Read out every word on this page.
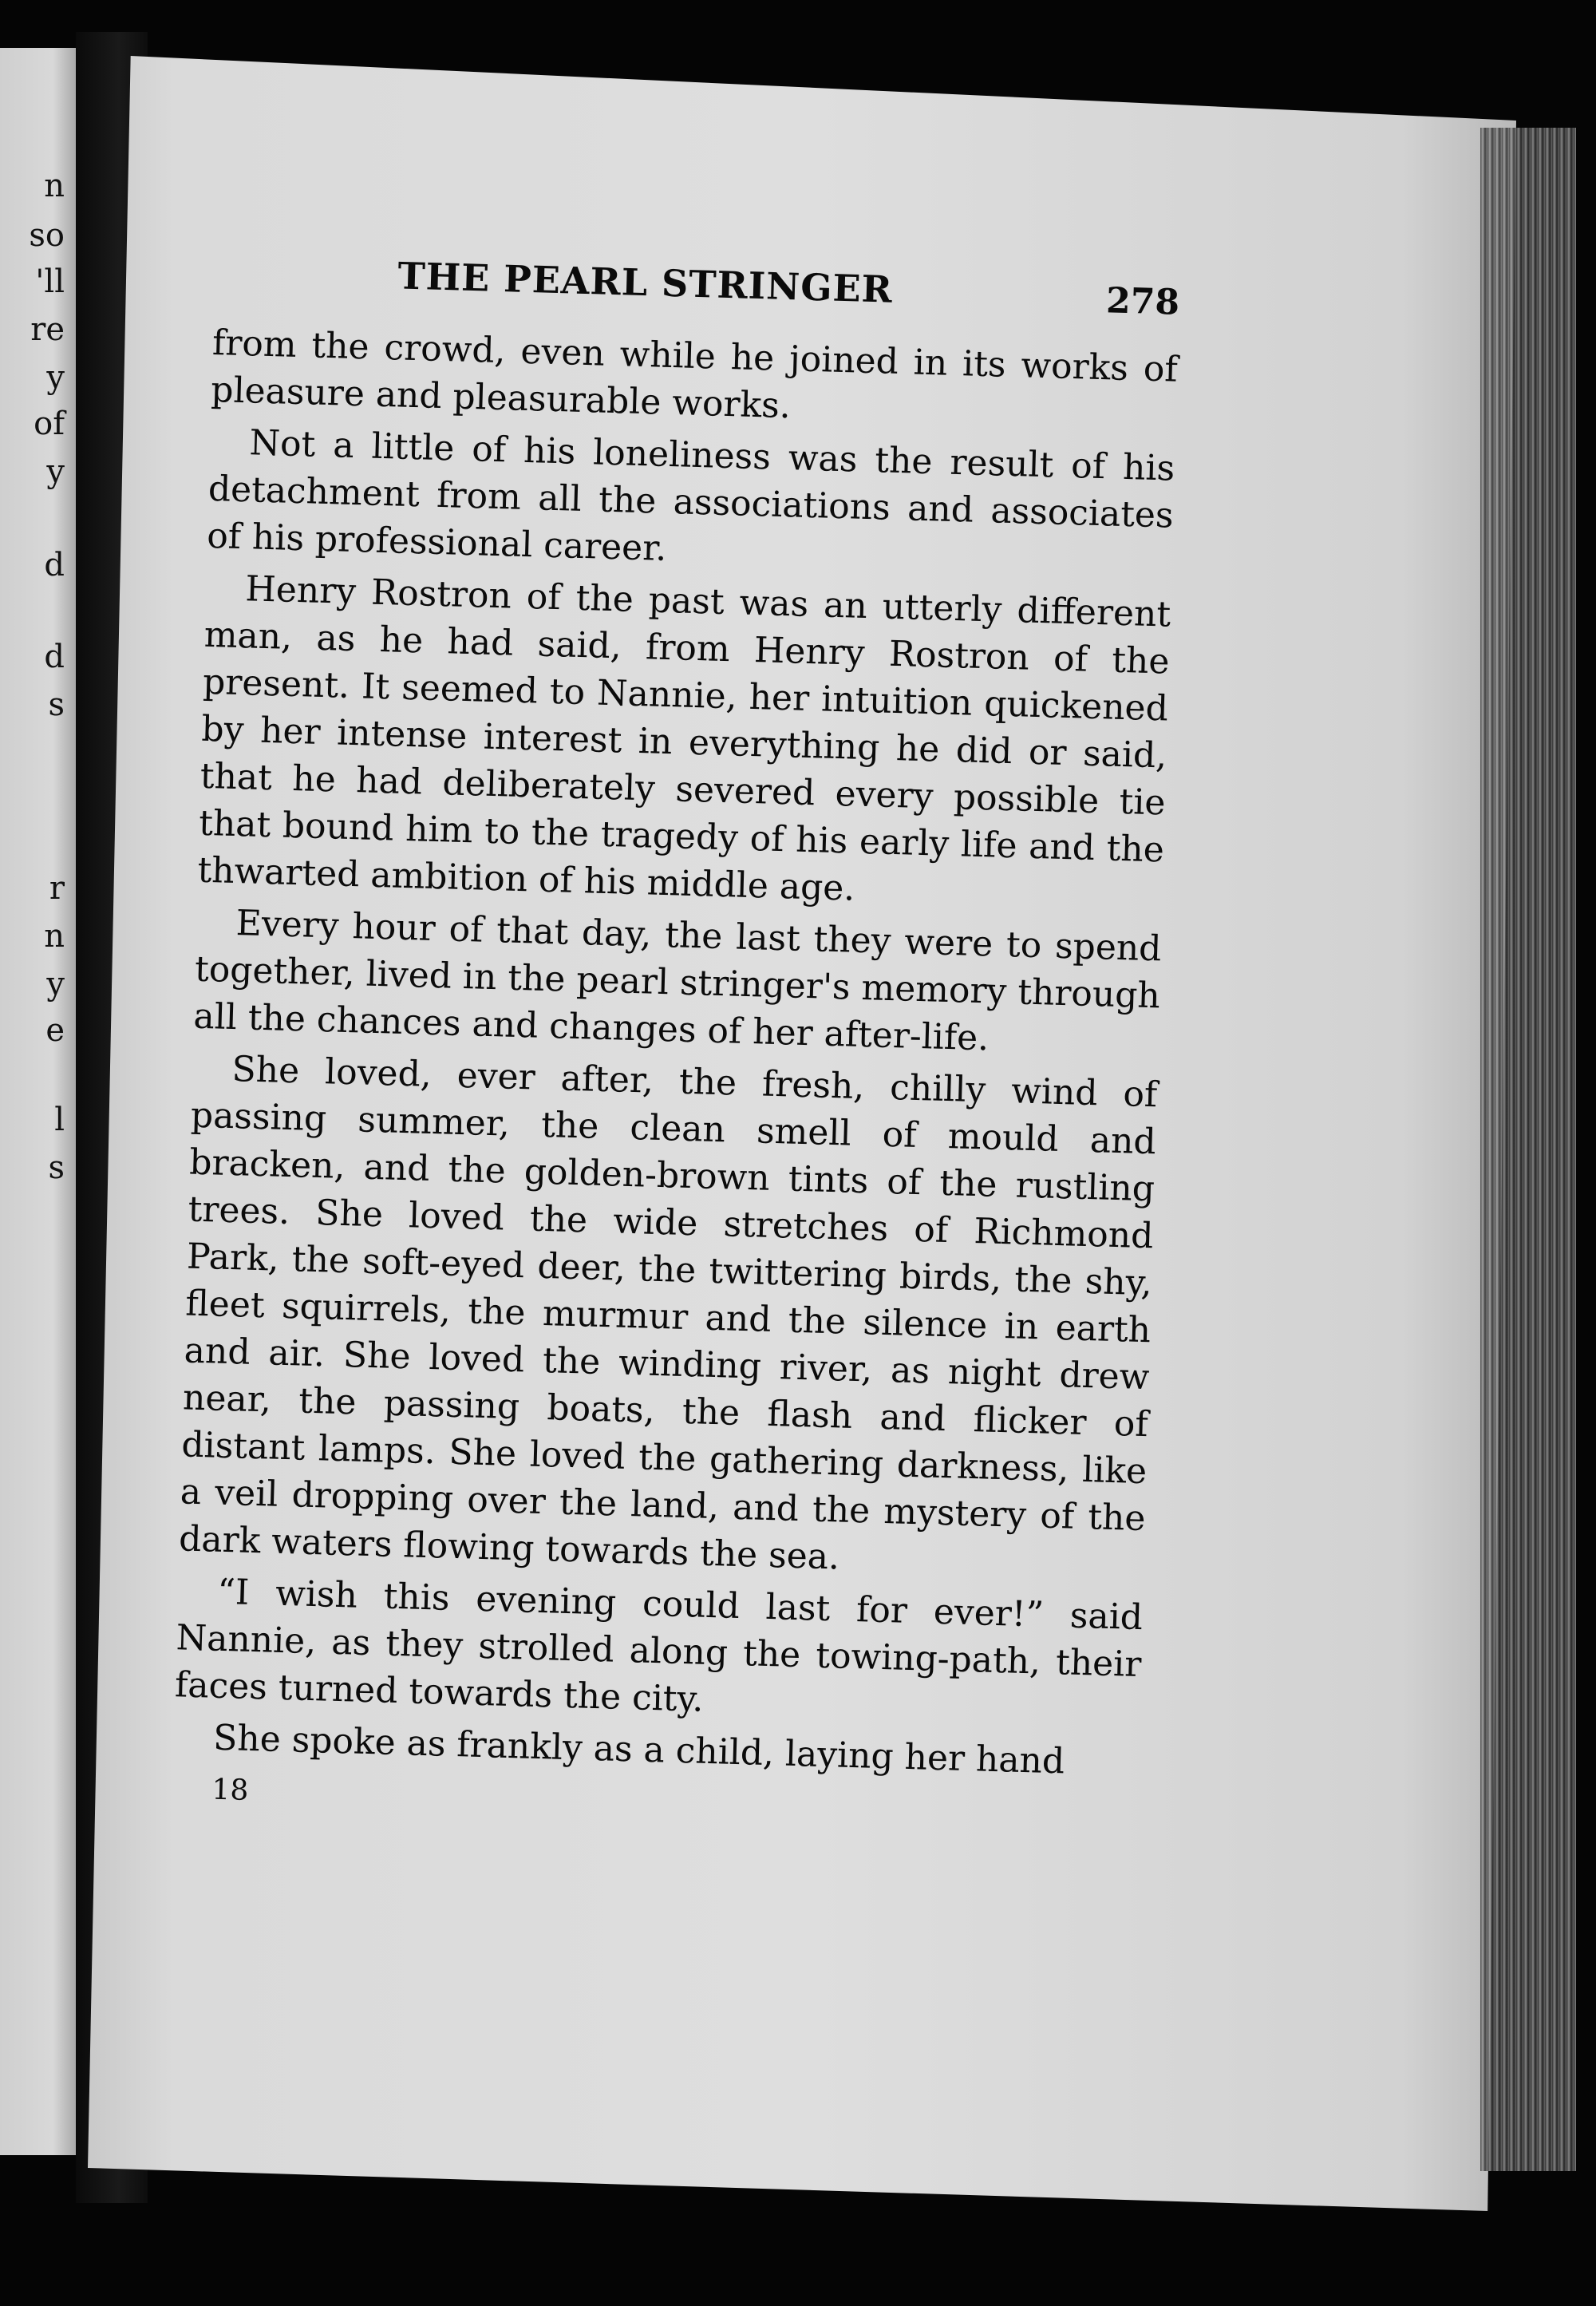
n
so
'll
re
y
of
y
d
d
s
r
n
y
e
l
s
THE PEARL STRINGER	278

from the crowd, even while he joined in its works of pleasure and pleasurable works.

Not a little of his loneliness was the result of his detachment from all the associations and associates of his professional career.

Henry Rostron of the past was an utterly different man, as he had said, from Henry Rostron of the present. It seemed to Nannie, her intuition quickened by her intense interest in everything he did or said, that he had deliberately severed every possible tie that bound him to the tragedy of his early life and the thwarted ambition of his middle age.

Every hour of that day, the last they were to spend together, lived in the pearl stringer's memory through all the chances and changes of her after-life.

She loved, ever after, the fresh, chilly wind of passing summer, the clean smell of mould and bracken, and the golden-brown tints of the rustling trees. She loved the wide stretches of Richmond Park, the soft-eyed deer, the twittering birds, the shy, fleet squirrels, the murmur and the silence in earth and air. She loved the winding river, as night drew near, the passing boats, the flash and flicker of distant lamps. She loved the gathering darkness, like a veil dropping over the land, and the mystery of the dark waters flowing towards the sea.

“I wish this evening could last for ever!” said Nannie, as they strolled along the towing-path, their faces turned towards the city.

She spoke as frankly as a child, laying her hand

18
